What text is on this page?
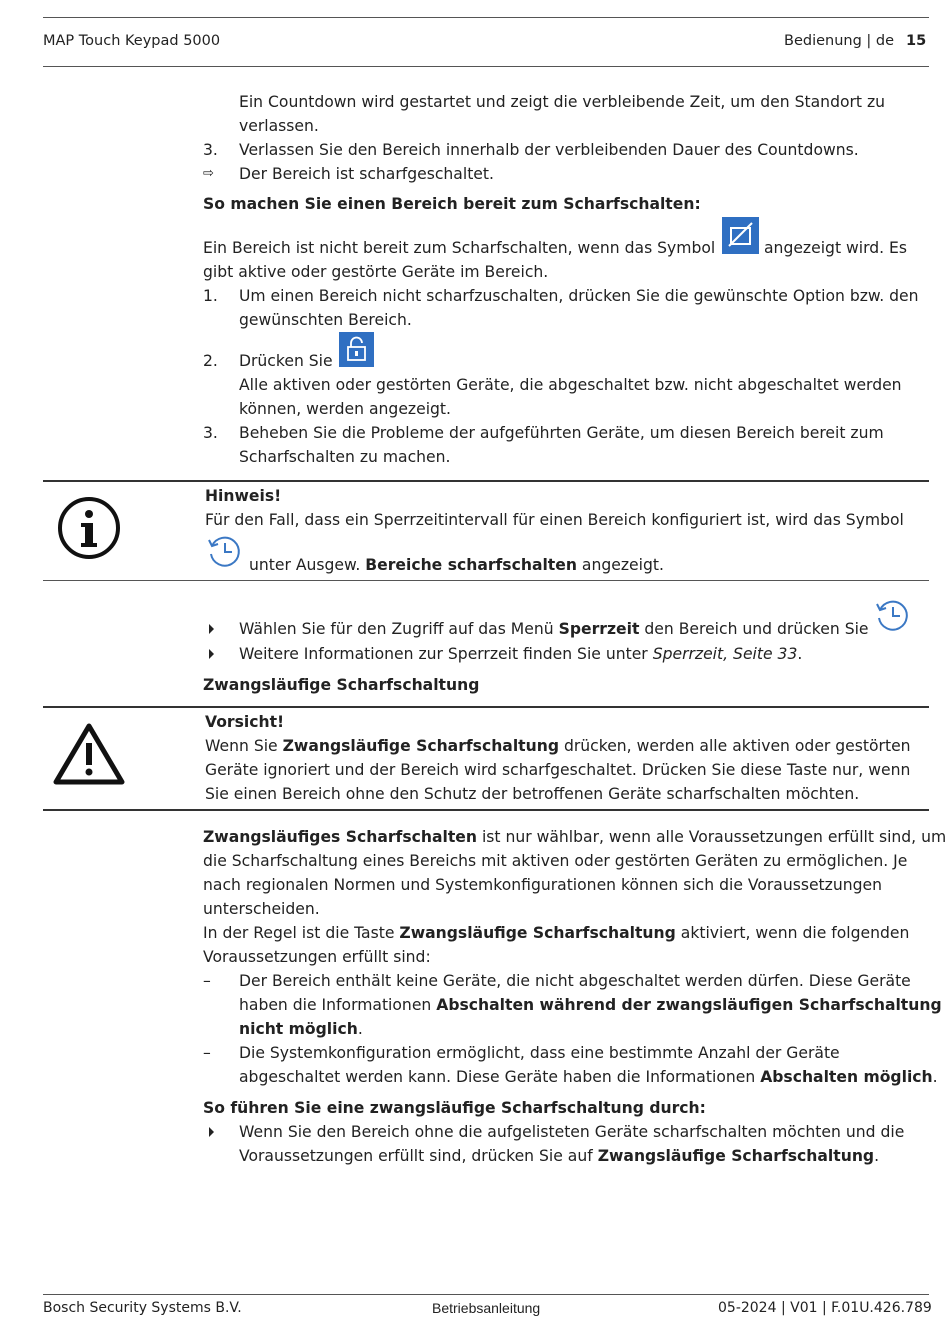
MAP Touch Keypad 5000	Bedienung | de 15
Ein Countdown wird gestartet und zeigt die verbleibende Zeit, um den Standort zu
verlassen.
3. Verlassen Sie den Bereich innerhalb der verbleibenden Dauer des Countdowns.
⇨ Der Bereich ist scharfgeschaltet.
So machen Sie einen Bereich bereit zum Scharfschalten:
Ein Bereich ist nicht bereit zum Scharfschalten, wenn das Symbol	angezeigt wird. Es
gibt aktive oder gestörte Geräte im Bereich.
1. Um einen Bereich nicht scharfzuschalten, drücken Sie die gewünschte Option bzw. den
gewünschten Bereich.
2. Drücken Sie
Alle aktiven oder gestörten Geräte, die abgeschaltet bzw. nicht abgeschaltet werden
können, werden angezeigt.
3. Beheben Sie die Probleme der aufgeführten Geräte, um diesen Bereich bereit zum
Scharfschalten zu machen.
Hinweis!
Für den Fall, dass ein Sperrzeitintervall für einen Bereich konfiguriert ist, wird das Symbol
unter Ausgew. Bereiche scharfschalten angezeigt.
Wählen Sie für den Zugriff auf das Menü Sperrzeit den Bereich und drücken Sie
Weitere Informationen zur Sperrzeit finden Sie unter Sperrzeit, Seite 33.
Zwangsläufige Scharfschaltung
Vorsicht!
Wenn Sie Zwangsläufige Scharfschaltung drücken, werden alle aktiven oder gestörten
Geräte ignoriert und der Bereich wird scharfgeschaltet. Drücken Sie diese Taste nur, wenn
Sie einen Bereich ohne den Schutz der betroffenen Geräte scharfschalten möchten.
Zwangsläufiges Scharfschalten ist nur wählbar, wenn alle Voraussetzungen erfüllt sind, um
die Scharfschaltung eines Bereichs mit aktiven oder gestörten Geräten zu ermöglichen. Je
nach regionalen Normen und Systemkonfigurationen können sich die Voraussetzungen
unterscheiden.
In der Regel ist die Taste Zwangsläufige Scharfschaltung aktiviert, wenn die folgenden
Voraussetzungen erfüllt sind:
– Der Bereich enthält keine Geräte, die nicht abgeschaltet werden dürfen. Diese Geräte
haben die Informationen Abschalten während der zwangsläufigen Scharfschaltung
nicht möglich.
– Die Systemkonfiguration ermöglicht, dass eine bestimmte Anzahl der Geräte
abgeschaltet werden kann. Diese Geräte haben die Informationen Abschalten möglich.
So führen Sie eine zwangsläufige Scharfschaltung durch:
Wenn Sie den Bereich ohne die aufgelisteten Geräte scharfschalten möchten und die
Voraussetzungen erfüllt sind, drücken Sie auf Zwangsläufige Scharfschaltung.
Bosch Security Systems B.V.	Betriebsanleitung	05-2024 | V01 | F.01U.426.789
